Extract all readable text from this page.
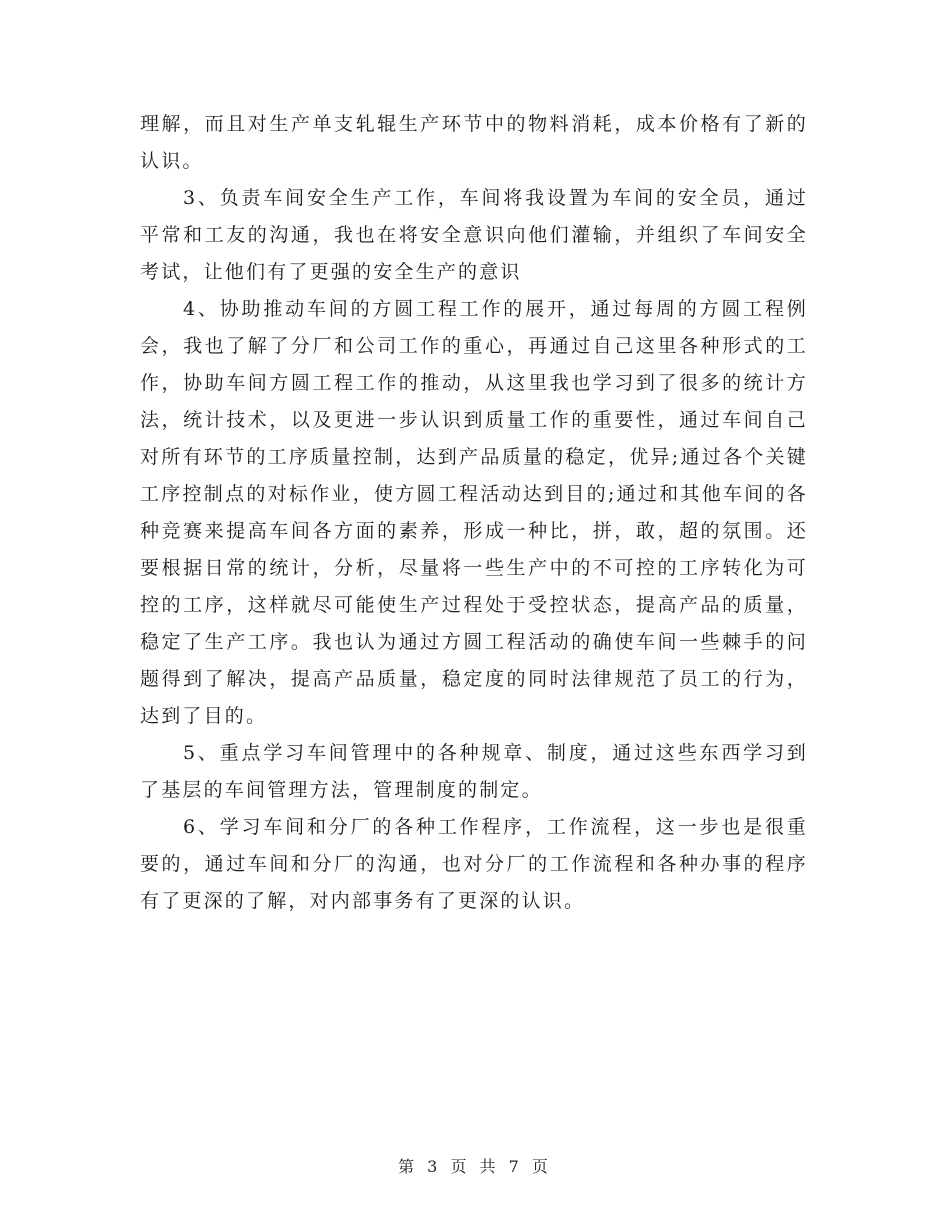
理解，而且对生产单支轧辊生产环节中的物料消耗，成本价格有了新的认识。

3、负责车间安全生产工作，车间将我设置为车间的安全员，通过平常和工友的沟通，我也在将安全意识向他们灌输，并组织了车间安全考试，让他们有了更强的安全生产的意识

4、协助推动车间的方圆工程工作的展开，通过每周的方圆工程例会，我也了解了分厂和公司工作的重心，再通过自己这里各种形式的工作，协助车间方圆工程工作的推动，从这里我也学习到了很多的统计方法，统计技术，以及更进一步认识到质量工作的重要性，通过车间自己对所有环节的工序质量控制，达到产品质量的稳定，优异;通过各个关键工序控制点的对标作业，使方圆工程活动达到目的;通过和其他车间的各种竞赛来提高车间各方面的素养，形成一种比，拼，敢，超的氛围。还要根据日常的统计，分析，尽量将一些生产中的不可控的工序转化为可控的工序，这样就尽可能使生产过程处于受控状态，提高产品的质量，稳定了生产工序。我也认为通过方圆工程活动的确使车间一些棘手的问题得到了解决，提高产品质量，稳定度的同时法律规范了员工的行为，达到了目的。

5、重点学习车间管理中的各种规章、制度，通过这些东西学习到了基层的车间管理方法，管理制度的制定。

6、学习车间和分厂的各种工作程序，工作流程，这一步也是很重要的，通过车间和分厂的沟通，也对分厂的工作流程和各种办事的程序有了更深的了解，对内部事务有了更深的认识。

第 3 页 共 7 页
